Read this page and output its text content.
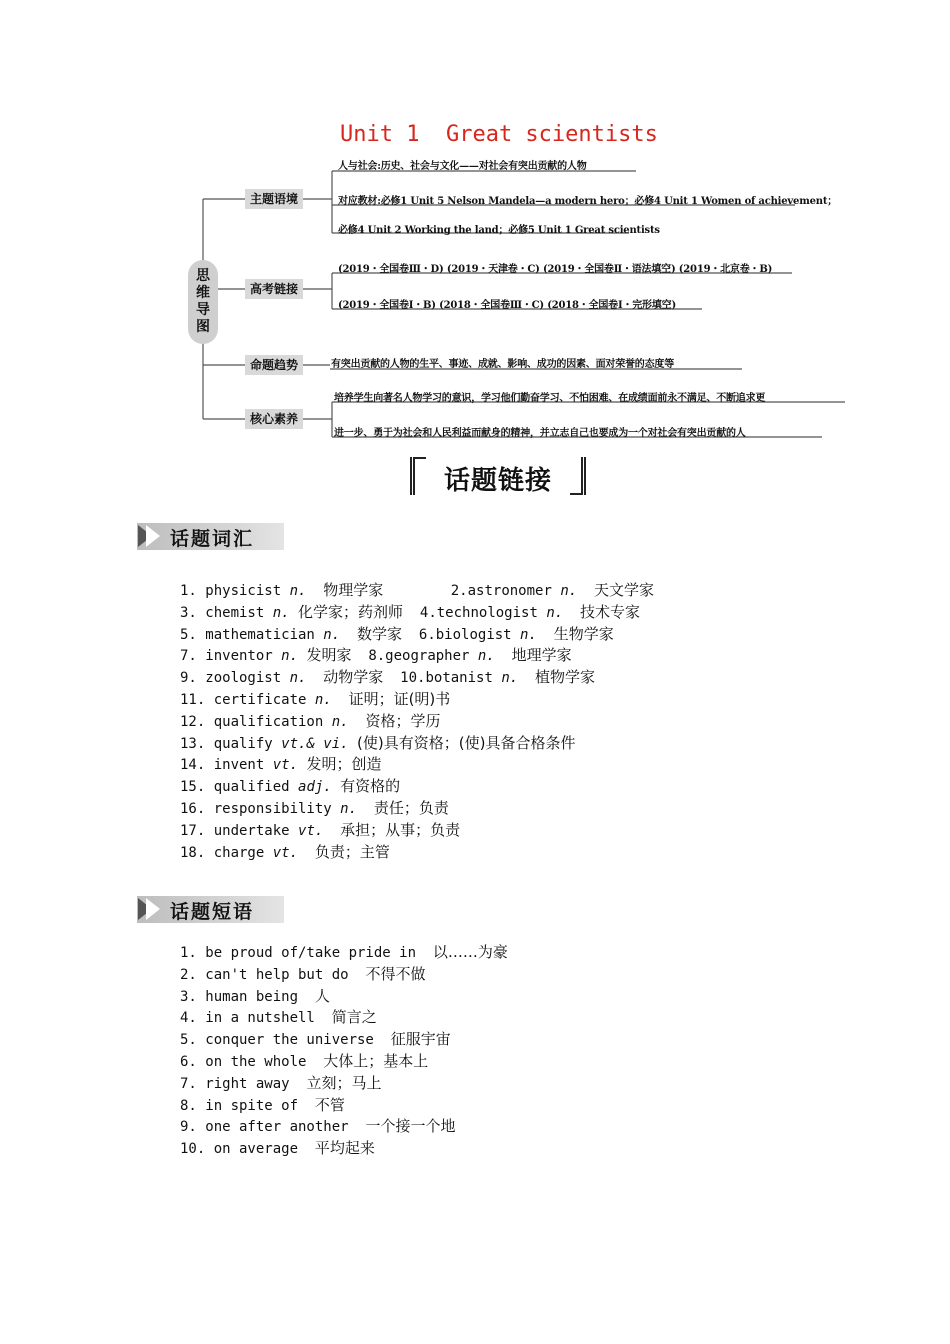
Unit 1  Great scientists
思维导图
主题语境
高考链接
命题趋势
核心素养
人与社会:历史、社会与文化——对社会有突出贡献的人物
对应教材:必修1 Unit 5 Nelson Mandela—a modern hero；必修4 Unit 1 Women of achievement；
必修4 Unit 2 Working the land；必修5 Unit 1 Great scientists
(2019・全国卷Ⅲ・D) (2019・天津卷・C) (2019・全国卷Ⅱ・语法填空) (2019・北京卷・B)
(2019・全国卷Ⅰ・B) (2018・全国卷Ⅲ・C) (2018・全国卷Ⅰ・完形填空)
有突出贡献的人物的生平、事迹、成就、影响、成功的因素、面对荣誉的态度等
培养学生向著名人物学习的意识，学习他们勤奋学习、不怕困难、在成绩面前永不满足、不断追求更
进一步、勇于为社会和人民利益而献身的精神，并立志自己也要成为一个对社会有突出贡献的人
话题链接
话题词汇
1. physicist n. 物理学家        2.astronomer n. 天文学家
3. chemist n. 化学家；药剂师  4.technologist n. 技术专家
5. mathematician n. 数学家  6.biologist n. 生物学家
7. inventor n. 发明家  8.geographer n. 地理学家
9. zoologist n. 动物学家  10.botanist n. 植物学家
11. certificate n. 证明；证(明)书
12. qualification n. 资格；学历
13. qualify vt.& vi. (使)具有资格；(使)具备合格条件
14. invent vt. 发明；创造
15. qualified adj. 有资格的
16. responsibility n. 责任；负责
17. undertake vt. 承担；从事；负责
18. charge vt. 负责；主管
话题短语
1. be proud of/take pride in  以……为豪
2. can't help but do  不得不做
3. human being  人
4. in a nutshell  简言之
5. conquer the universe  征服宇宙
6. on the whole  大体上；基本上
7. right away  立刻；马上
8. in spite of  不管
9. one after another  一个接一个地
10. on average  平均起来
